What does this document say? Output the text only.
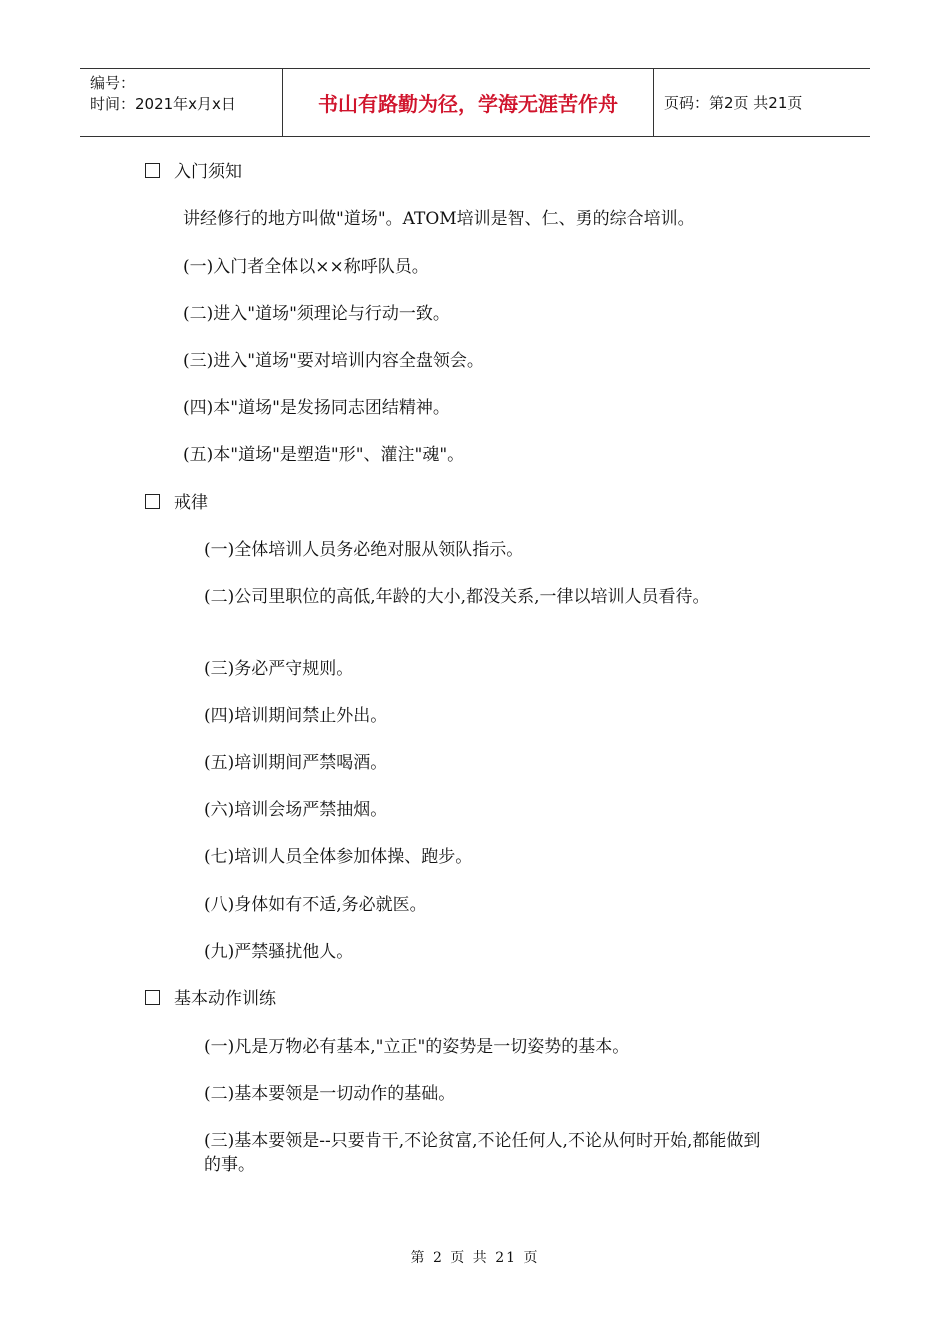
编号：
时间：2021年x月x日	书山有路勤为径，学海无涯苦作舟	页码：第2页 共21页
入门须知
讲经修行的地方叫做"道场"。ATOM培训是智、仁、勇的综合培训。
(一)入门者全体以××称呼队员。
(二)进入"道场"须理论与行动一致。
(三)进入"道场"要对培训内容全盘领会。
(四)本"道场"是发扬同志团结精神。
(五)本"道场"是塑造"形"、灌注"魂"。
戒律
(一)全体培训人员务必绝对服从领队指示。
(二)公司里职位的高低,年龄的大小,都没关系,一律以培训人员看待。
(三)务必严守规则。
(四)培训期间禁止外出。
(五)培训期间严禁喝酒。
(六)培训会场严禁抽烟。
(七)培训人员全体参加体操、跑步。
(八)身体如有不适,务必就医。
(九)严禁骚扰他人。
基本动作训练
(一)凡是万物必有基本,"立正"的姿势是一切姿势的基本。
(二)基本要领是一切动作的基础。
(三)基本要领是--只要肯干,不论贫富,不论任何人,不论从何时开始,都能做到的事。
第 2 页 共 21 页
